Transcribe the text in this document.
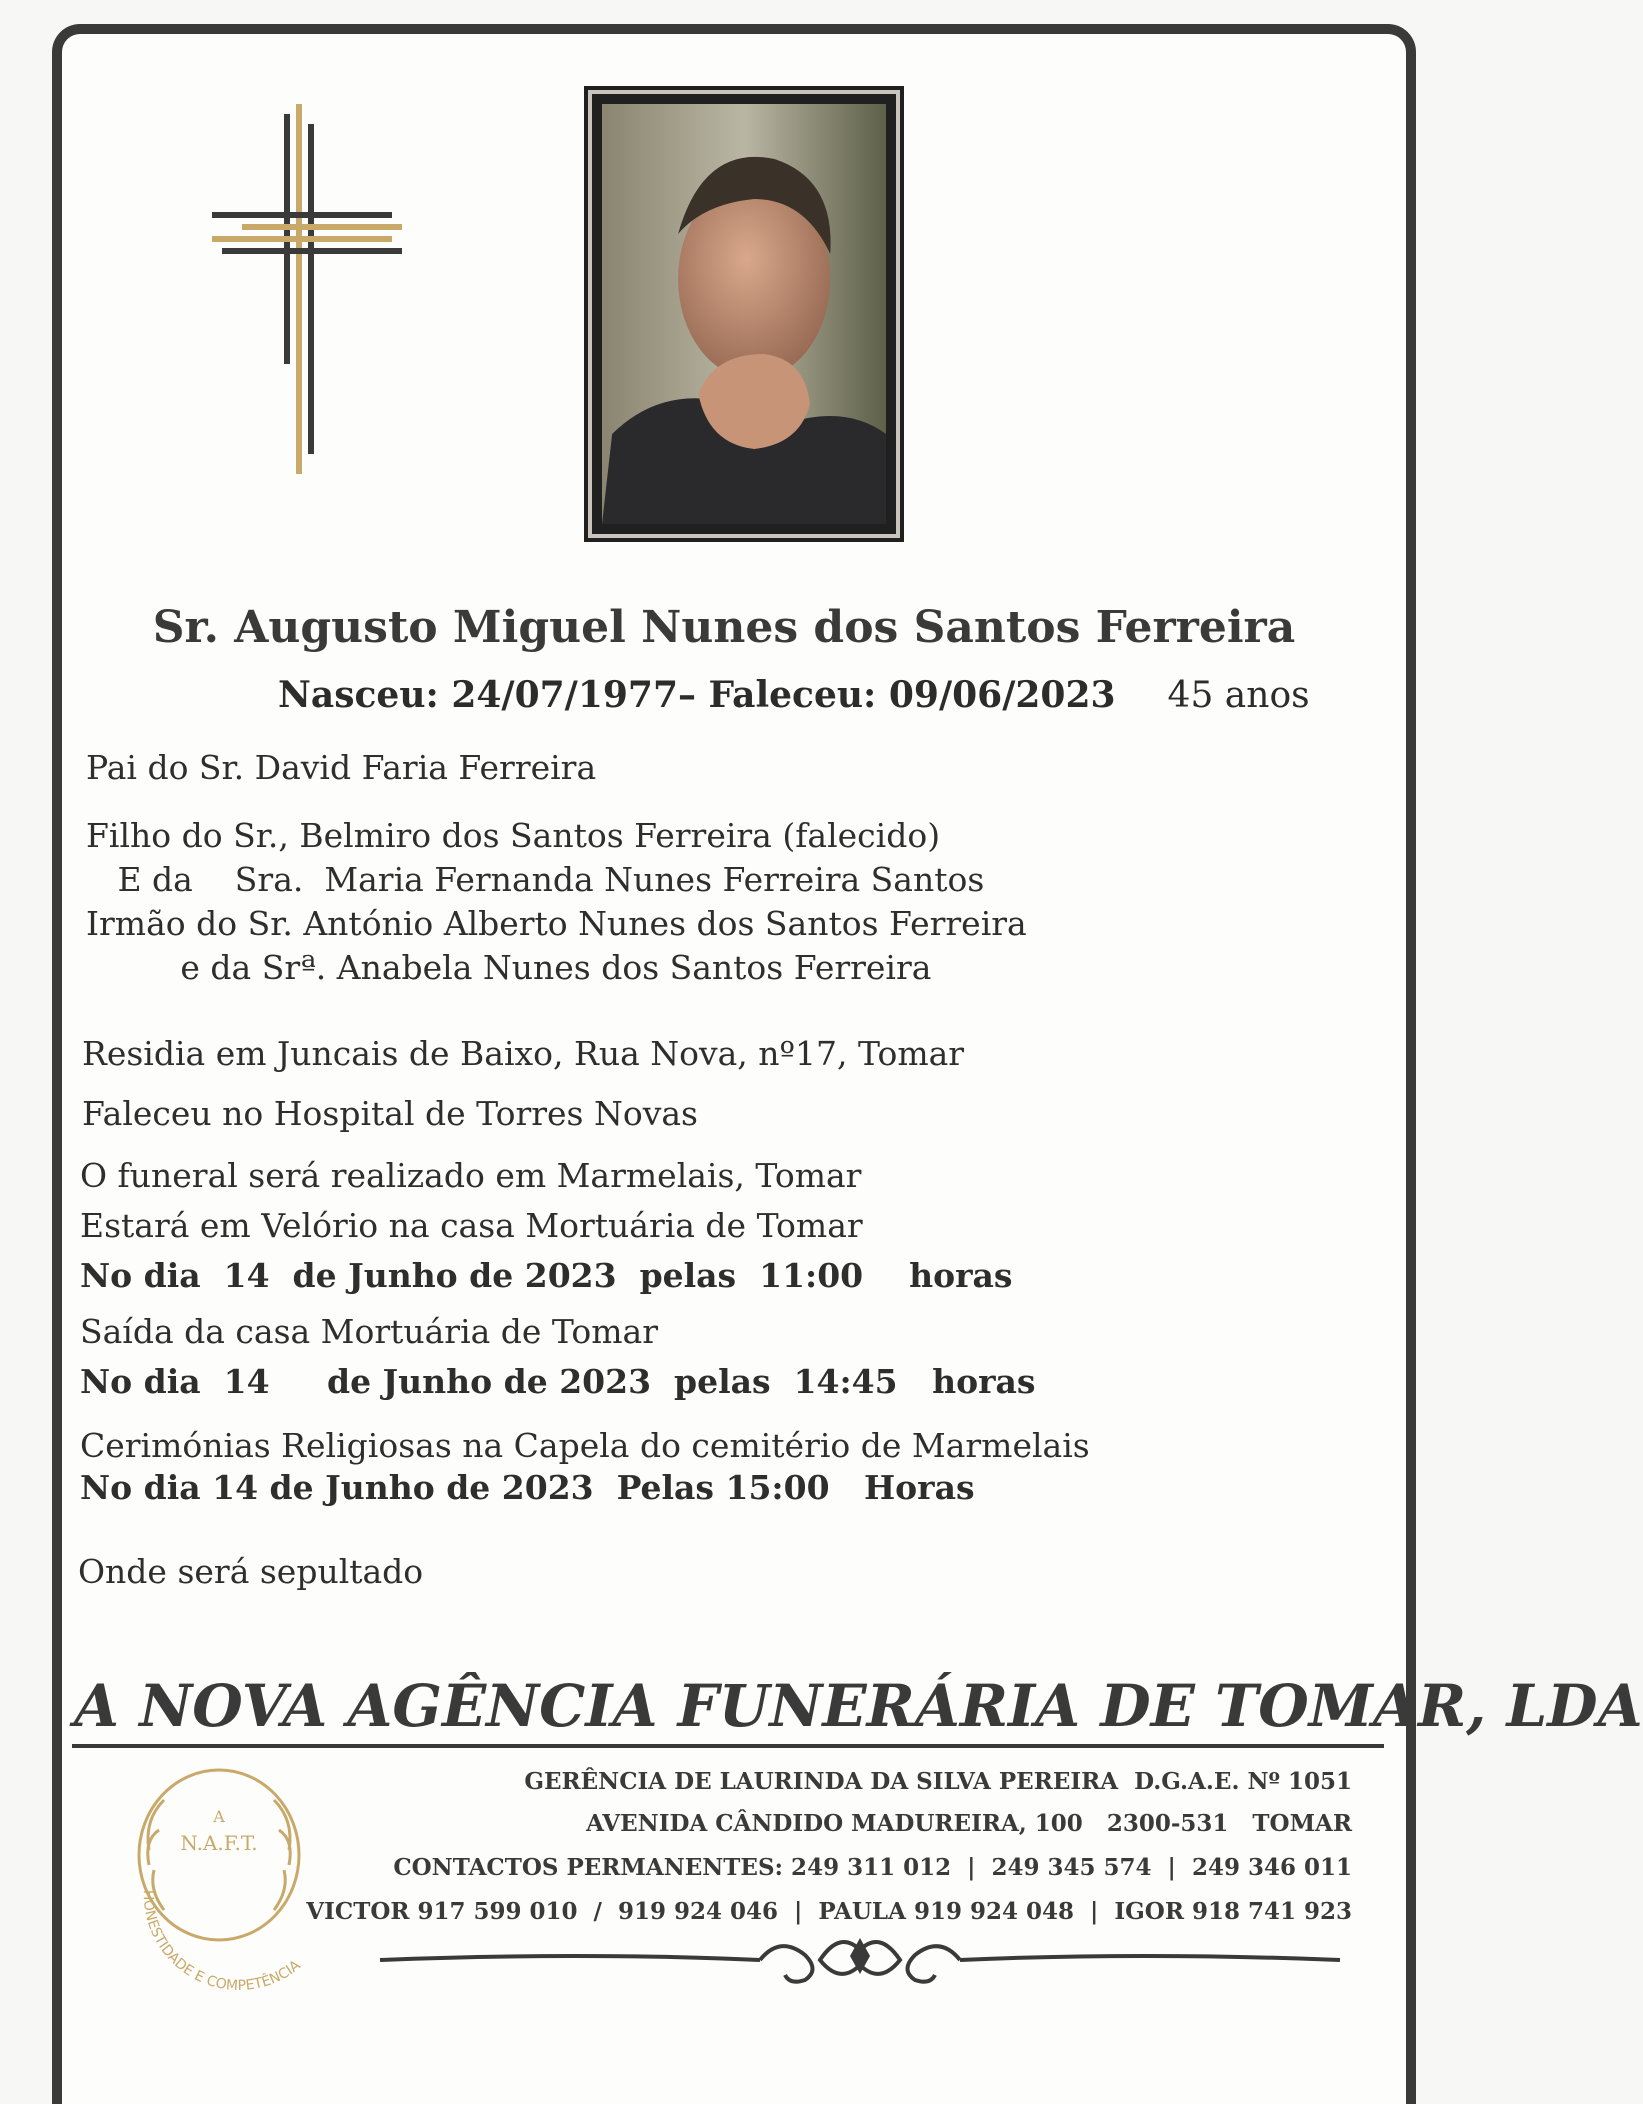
Sr. Augusto Miguel Nunes dos Santos Ferreira
Nasceu: 24/07/1977– Faleceu: 09/06/2023 45 anos
Pai do Sr. David Faria Ferreira
Filho do Sr., Belmiro dos Santos Ferreira (falecido)
E da    Sra.  Maria Fernanda Nunes Ferreira Santos
Irmão do Sr. António Alberto Nunes dos Santos Ferreira
e da Srª. Anabela Nunes dos Santos Ferreira
Residia em Juncais de Baixo, Rua Nova, nº17, Tomar
Faleceu no Hospital de Torres Novas
O funeral será realizado em Marmelais, Tomar
Estará em Velório na casa Mortuária de Tomar
No dia  14  de Junho de 2023  pelas  11:00    horas
Saída da casa Mortuária de Tomar
No dia  14     de Junho de 2023  pelas  14:45   horas
Cerimónias Religiosas na Capela do cemitério de Marmelais
No dia 14 de Junho de 2023  Pelas 15:00   Horas
Onde será sepultado
A NOVA AGÊNCIA FUNERÁRIA DE TOMAR, LDA
A
N.A.F.T.
HONESTIDADE E COMPETÊNCIA
GERÊNCIA DE LAURINDA DA SILVA PEREIRA  D.G.A.E. Nº 1051
AVENIDA CÂNDIDO MADUREIRA, 100   2300-531   TOMAR
CONTACTOS PERMANENTES: 249 311 012  |  249 345 574  |  249 346 011
VICTOR 917 599 010  /  919 924 046  |  PAULA 919 924 048  |  IGOR 918 741 923
